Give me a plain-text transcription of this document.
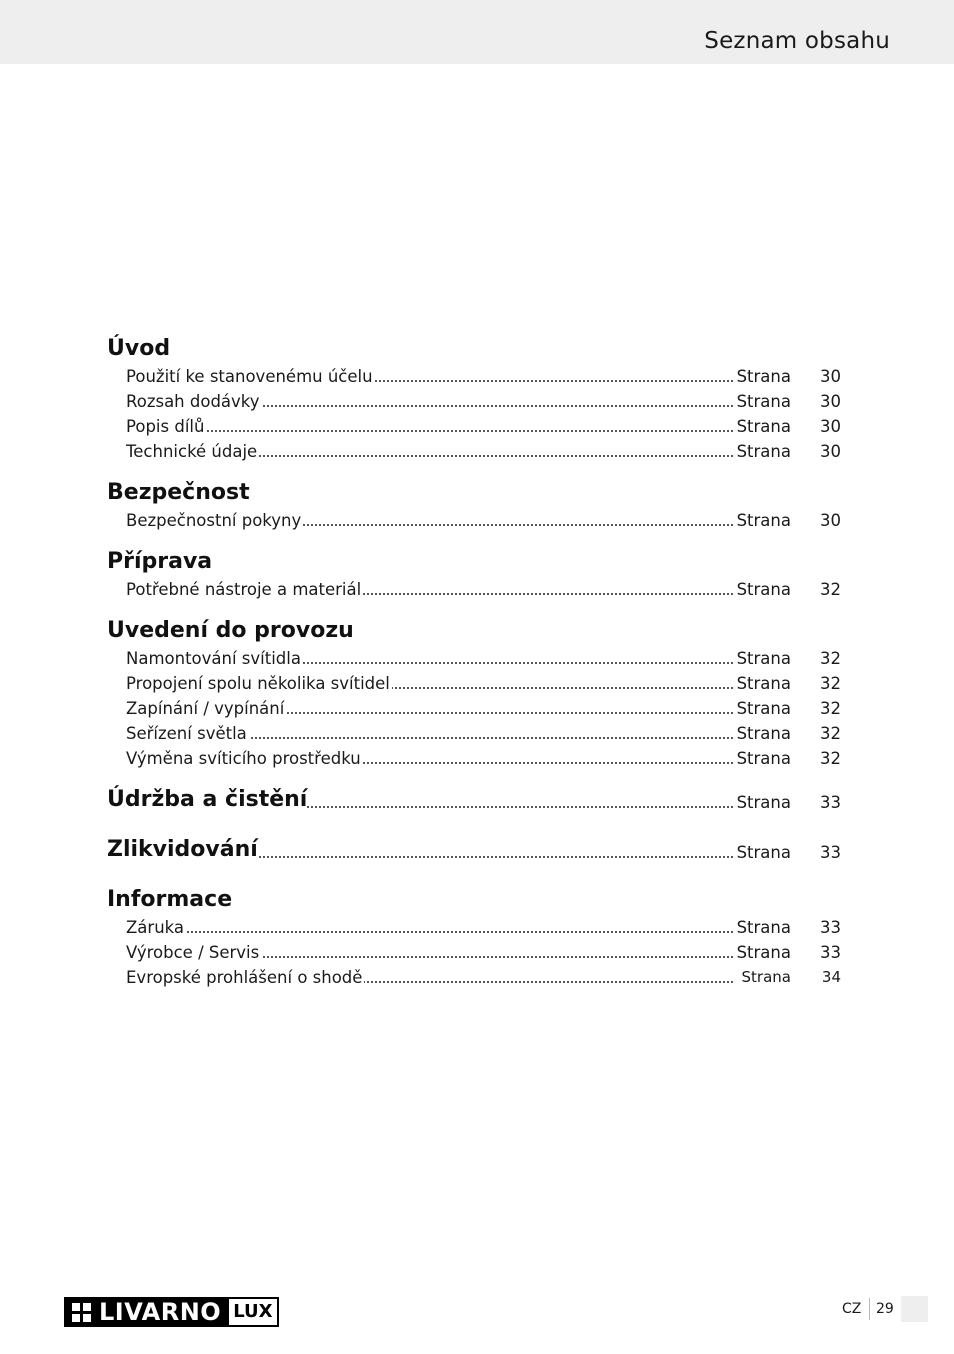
Seznam obsahu
Úvod
Použití ke stanovenému účelu	Strana 30
Rozsah dodávky	Strana 30
Popis dílů	Strana 30
Technické údaje	Strana 30
Bezpečnost
Bezpečnostní pokyny	Strana 30
Příprava
Potřebné nástroje a materiál	Strana 32
Uvedení do provozu
Namontování svítidla	Strana 32
Propojení spolu několika svítidel	Strana 32
Zapínání / vypínání	Strana 32
Seřízení světla	Strana 32
Výměna svíticího prostředku	Strana 32
Údržba a čistění	Strana 33
Zlikvidování	Strana 33
Informace
Záruka	Strana 33
Výrobce / Servis	Strana 33
Evropské prohlášení o shodě	Strana 34
LIVARNO LUX	CZ 29
